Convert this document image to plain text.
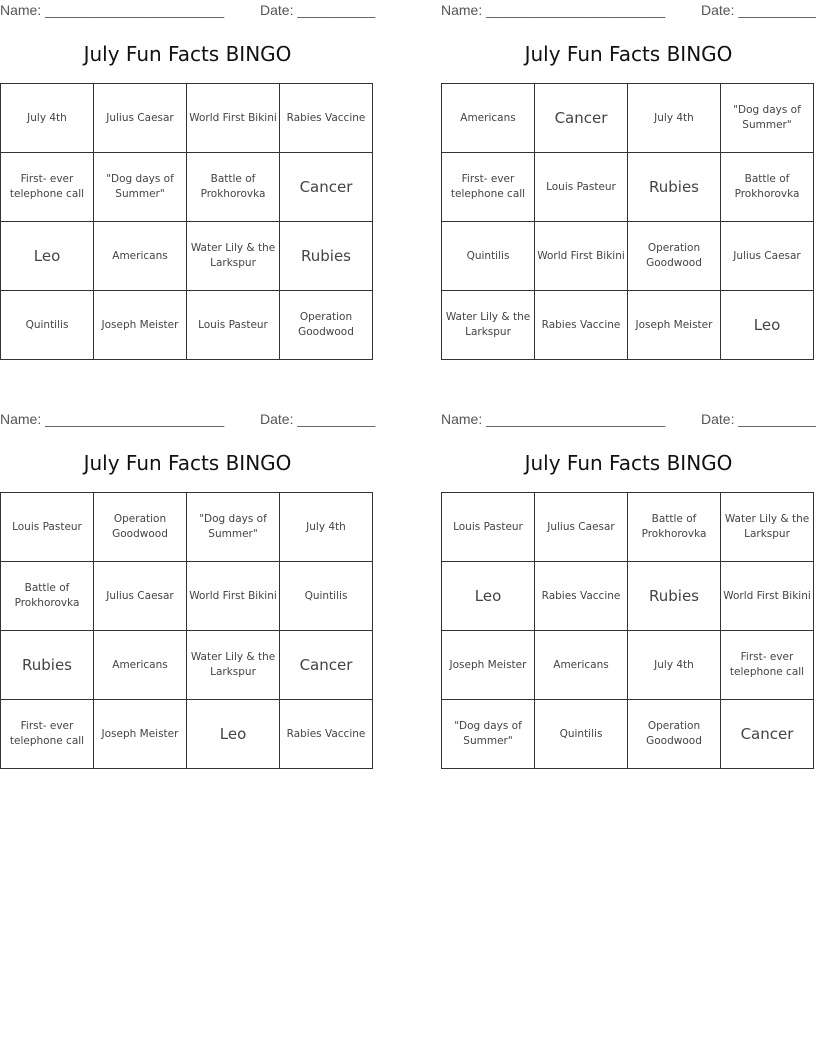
Name: _______________________	Date: __________
July Fun Facts BINGO
July 4th	Julius Caesar	World First Bikini	Rabies Vaccine
First- ever telephone call	"Dog days of Summer"	Battle of Prokhorovka	Cancer
Leo	Americans	Water Lily & the Larkspur	Rubies
Quintilis	Joseph Meister	Louis Pasteur	Operation Goodwood
Name: _______________________	Date: __________
July Fun Facts BINGO
Americans	Cancer	July 4th	"Dog days of Summer"
First- ever telephone call	Louis Pasteur	Rubies	Battle of Prokhorovka
Quintilis	World First Bikini	Operation Goodwood	Julius Caesar
Water Lily & the Larkspur	Rabies Vaccine	Joseph Meister	Leo
Name: _______________________	Date: __________
July Fun Facts BINGO
Louis Pasteur	Operation Goodwood	"Dog days of Summer"	July 4th
Battle of Prokhorovka	Julius Caesar	World First Bikini	Quintilis
Rubies	Americans	Water Lily & the Larkspur	Cancer
First- ever telephone call	Joseph Meister	Leo	Rabies Vaccine
Name: _______________________	Date: __________
July Fun Facts BINGO
Louis Pasteur	Julius Caesar	Battle of Prokhorovka	Water Lily & the Larkspur
Leo	Rabies Vaccine	Rubies	World First Bikini
Joseph Meister	Americans	July 4th	First- ever telephone call
"Dog days of Summer"	Quintilis	Operation Goodwood	Cancer
